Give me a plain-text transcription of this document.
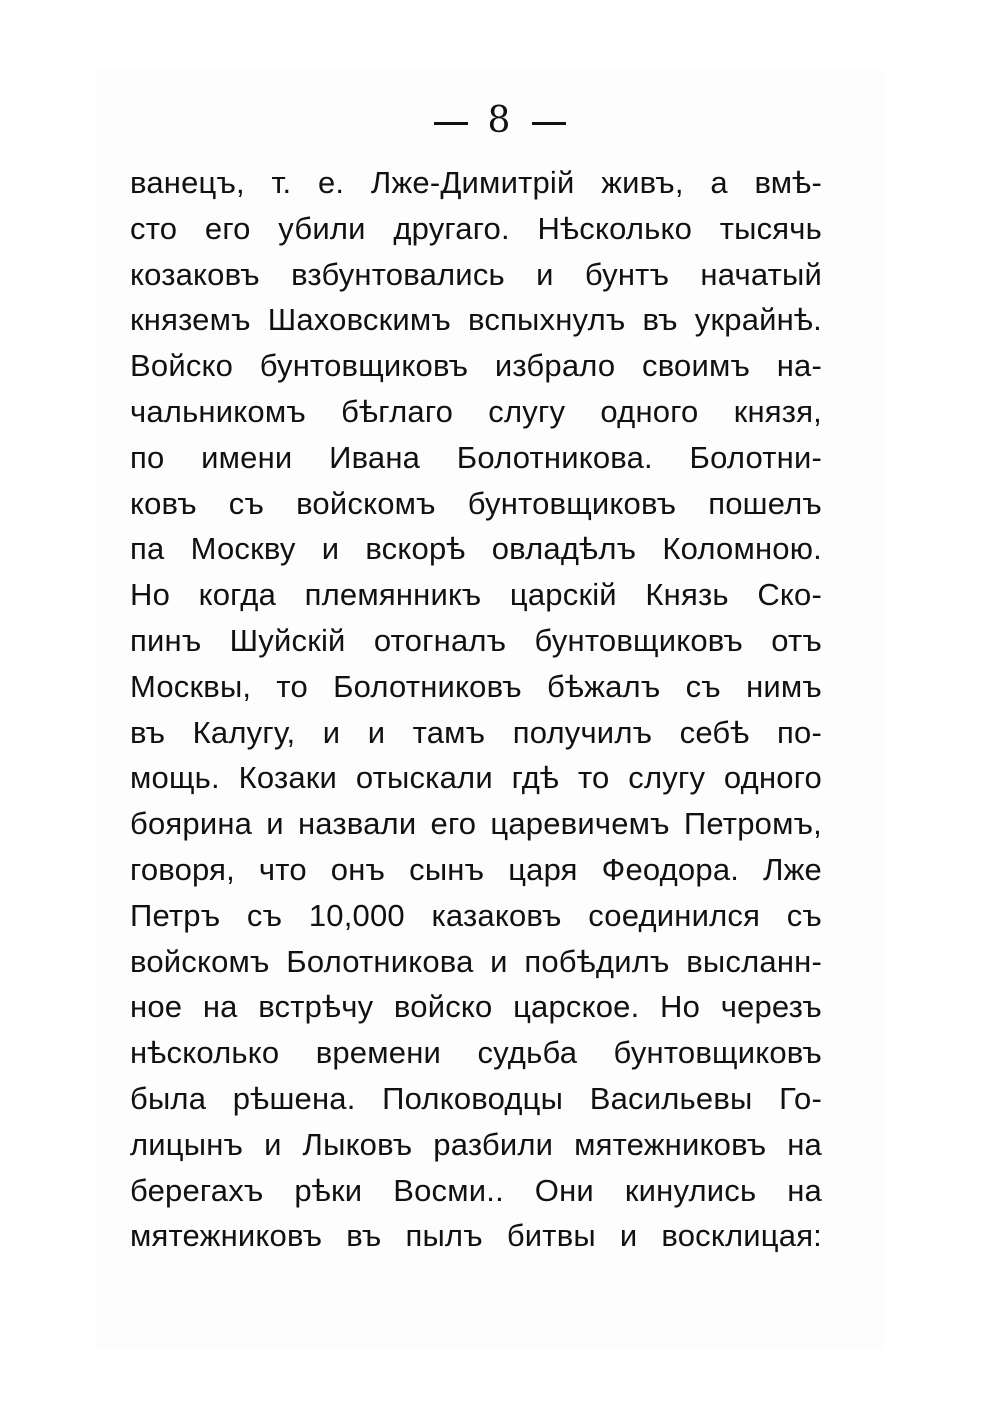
8
ванецъ, т. е. Лже-Димитрій живъ, а вмѣ-
сто его убили другаго. Нѣсколько тысячь
козаковъ взбунтовались и бунтъ начатый
княземъ Шаховскимъ вспыхнулъ въ украйнѣ.
Войско бунтовщиковъ избрало своимъ на-
чальникомъ бѣглаго слугу одного князя,
по имени Ивана Болотникова. Болотни-
ковъ съ войскомъ бунтовщиковъ пошелъ
па Москву и вскорѣ овладѣлъ Коломною.
Но когда племянникъ царскій Князь Ско-
пинъ Шуйскій отогналъ бунтовщиковъ отъ
Москвы, то Болотниковъ бѣжалъ съ нимъ
въ Калугу, и и тамъ получилъ себѣ по-
мощь. Козаки отыскали гдѣ то слугу одного
бояpина и назвали его царевичемъ Петромъ,
говоря, что онъ сынъ царя Феодора. Лже
Петръ съ 10,000 казаковъ соединился съ
войскомъ Болотникова и побѣдилъ высланн-
ное на встрѣчу войско царское. Но черезъ
нѣсколько времени судьба бунтовщиковъ
была рѣшена. Полководцы Васильевы Го-
лицынъ и Лыковъ разбили мятежниковъ на
берегахъ рѣки Восми.. Они кинулись на
мятежниковъ въ пылъ битвы и восклицая:
